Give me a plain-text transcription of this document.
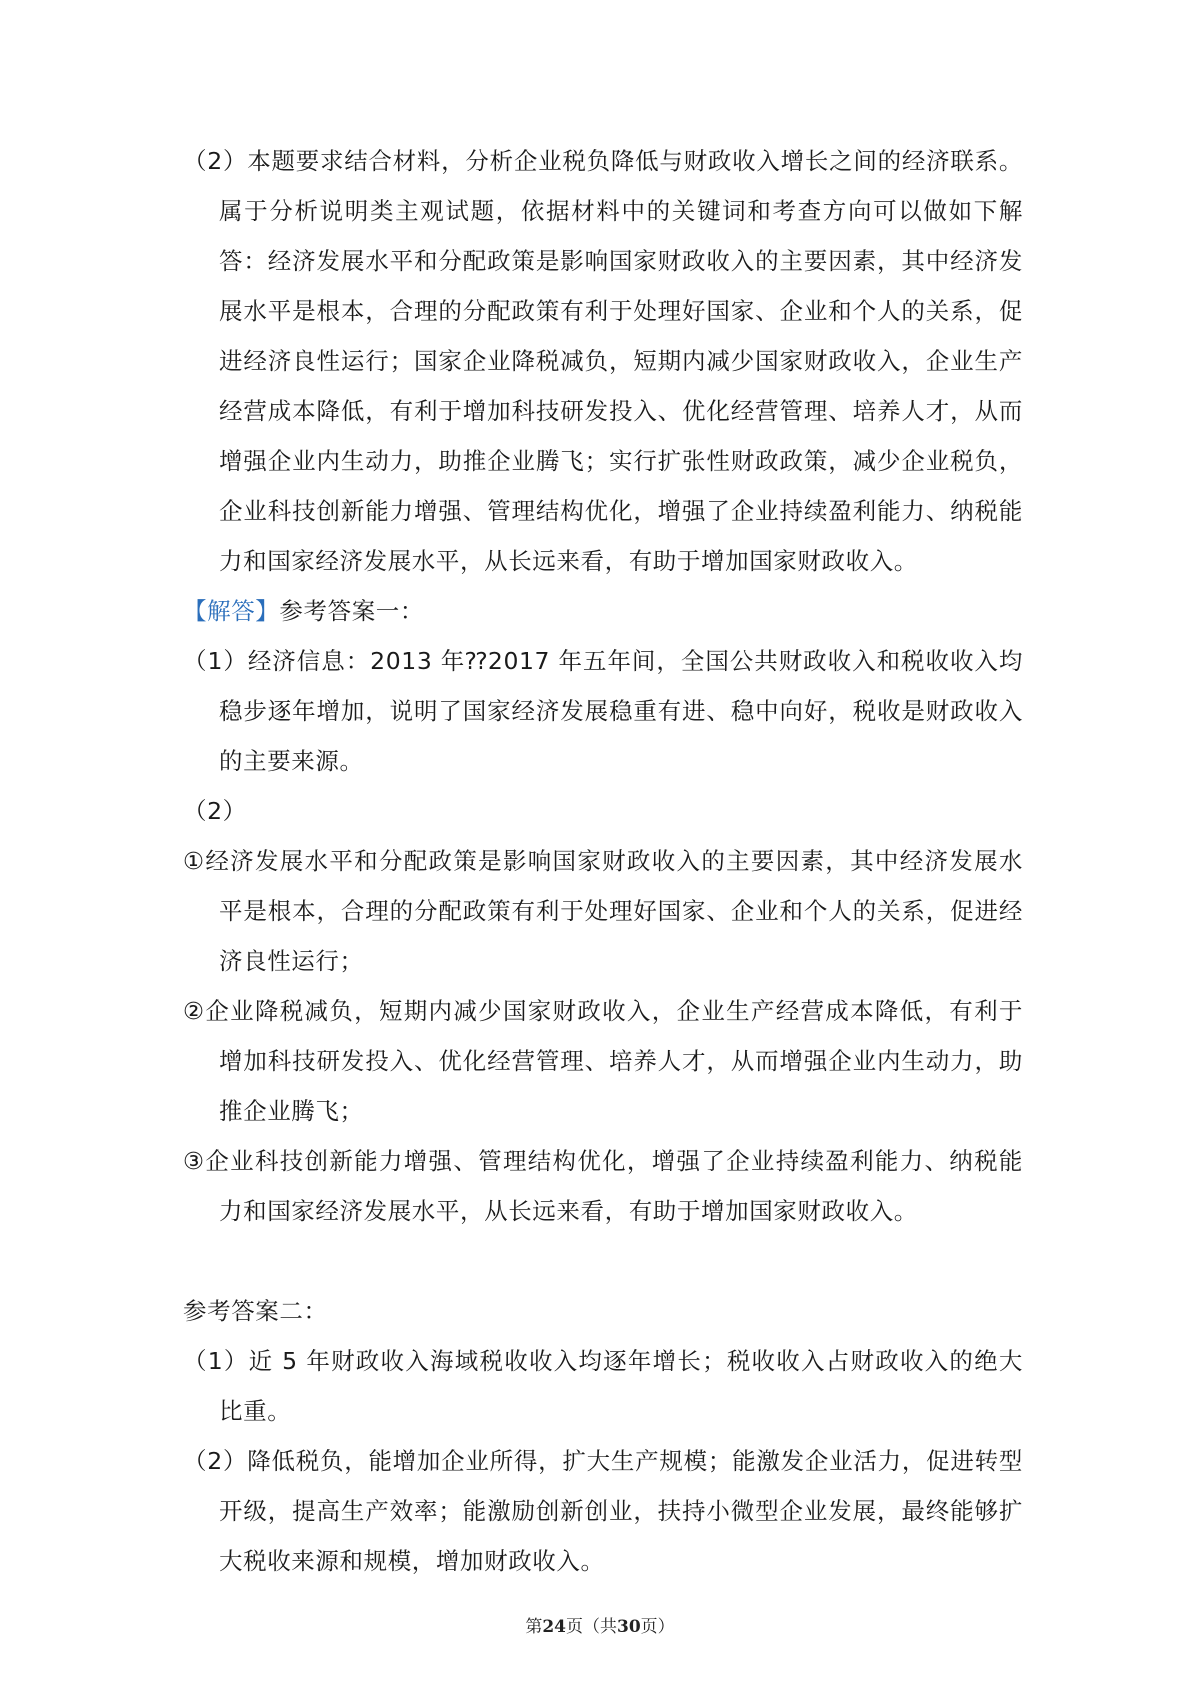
（2）本题要求结合材料，分析企业税负降低与财政收入增长之间的经济联系。属于分析说明类主观试题，依据材料中的关键词和考查方向可以做如下解答：经济发展水平和分配政策是影响国家财政收入的主要因素，其中经济发展水平是根本，合理的分配政策有利于处理好国家、企业和个人的关系，促进经济良性运行；国家企业降税减负，短期内减少国家财政收入，企业生产经营成本降低，有利于增加科技研发投入、优化经营管理、培养人才，从而增强企业内生动力，助推企业腾飞；实行扩张性财政政策，减少企业税负，企业科技创新能力增强、管理结构优化，增强了企业持续盈利能力、纳税能力和国家经济发展水平，从长远来看，有助于增加国家财政收入。

【解答】参考答案一：

（1）经济信息：2013 年⁇2017 年五年间，全国公共财政收入和税收收入均稳步逐年增加，说明了国家经济发展稳重有进、稳中向好，税收是财政收入的主要来源。

（2）

①经济发展水平和分配政策是影响国家财政收入的主要因素，其中经济发展水平是根本，合理的分配政策有利于处理好国家、企业和个人的关系，促进经济良性运行；

②企业降税减负，短期内减少国家财政收入，企业生产经营成本降低，有利于增加科技研发投入、优化经营管理、培养人才，从而增强企业内生动力，助推企业腾飞；

③企业科技创新能力增强、管理结构优化，增强了企业持续盈利能力、纳税能力和国家经济发展水平，从长远来看，有助于增加国家财政收入。

参考答案二：

（1）近 5 年财政收入海域税收收入均逐年增长；税收收入占财政收入的绝大比重。

（2）降低税负，能增加企业所得，扩大生产规模；能激发企业活力，促进转型开级，提高生产效率；能激励创新创业，扶持小微型企业发展，最终能够扩大税收来源和规模，增加财政收入。

第24页（共30页）
